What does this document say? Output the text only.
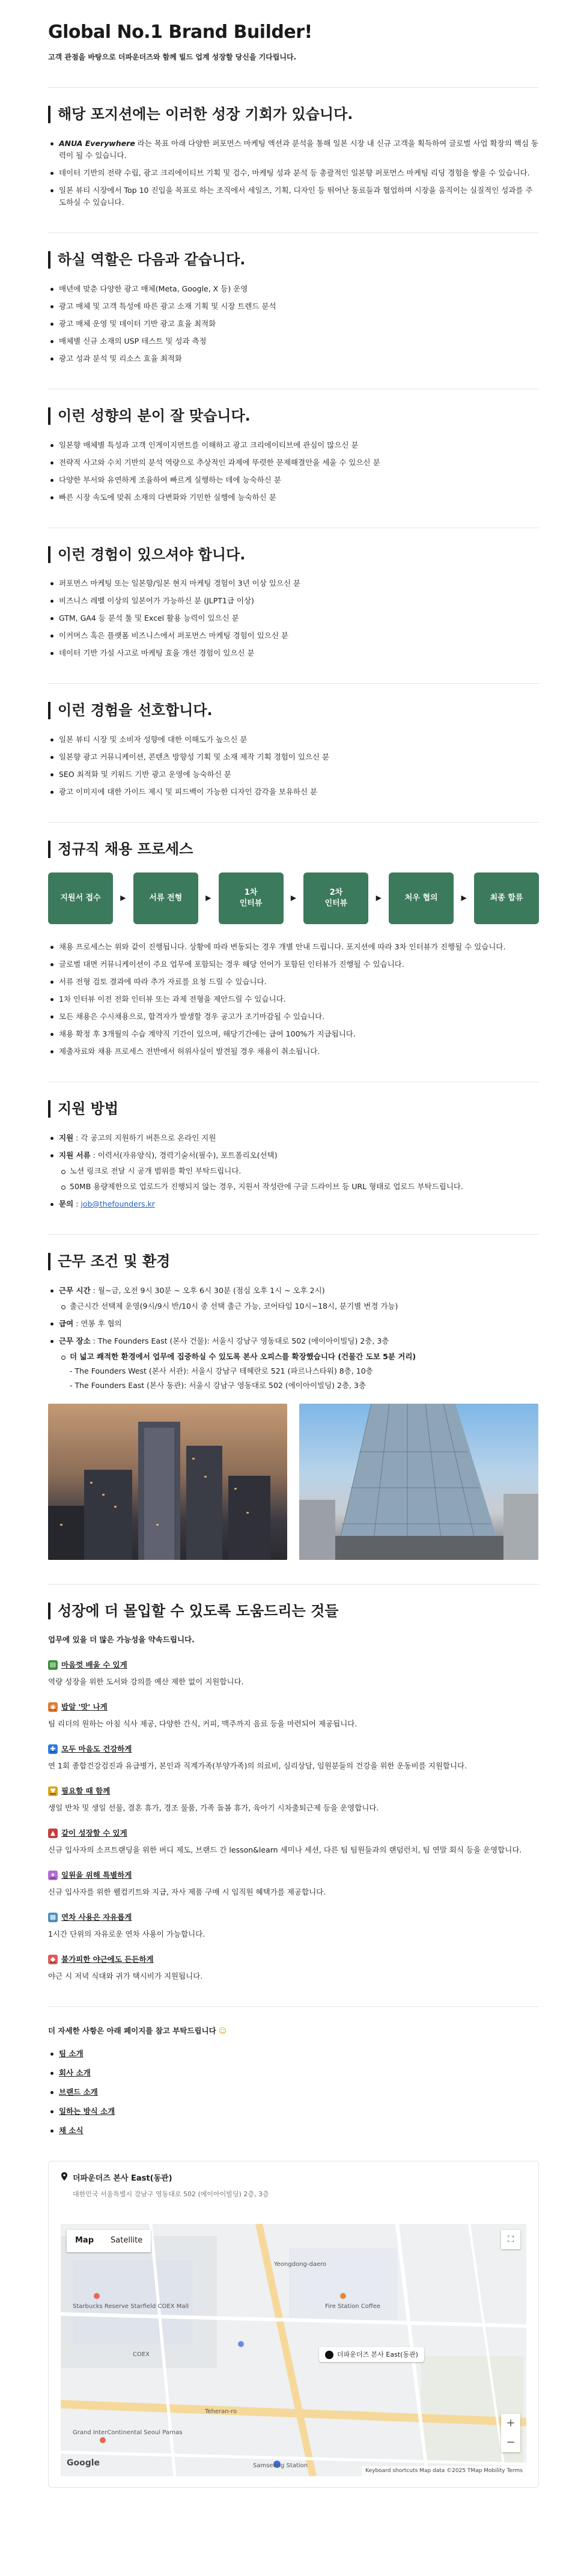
Global No.1 Brand Builder!

고객 관점을 바탕으로 더파운더즈와 함께 빌드 업계 성장할 당신을 기다립니다.

해당 포지션에는 이러한 성장 기회가 있습니다.
ANUA Everywhere 라는 목표 아래 다양한 퍼포먼스 마케팅 액션과 분석을 통해 일본 시장 내 신규 고객을 획득하여 글로벌 사업 확장의 핵심 동력이 될 수 있습니다.
데이터 기반의 전략 수립, 광고 크리에이티브 기획 및 검수, 마케팅 성과 분석 등 총괄적인 일본향 퍼포먼스 마케팅 리딩 경험을 쌓을 수 있습니다.
일본 뷰티 시장에서 Top 10 진입을 목표로 하는 조직에서 세일즈, 기획, 디자인 등 뛰어난 동료들과 협업하며 시장을 움직이는 실질적인 성과를 주도하실 수 있습니다.
하실 역할은 다음과 같습니다.
매년에 맞춘 다양한 광고 매체(Meta, Google, X 등) 운영
광고 매체 및 고객 특성에 따른 광고 소재 기획 및 시장 트렌드 분석
광고 매체 운영 및 데이터 기반 광고 효율 최적화
매체별 신규 소재의 USP 테스트 및 성과 측정
광고 성과 분석 및 리소스 효율 최적화
이런 성향의 분이 잘 맞습니다.
일본향 매체별 특성과 고객 인게이지먼트를 이해하고 광고 크리에이티브에 관심이 많으신 분
전략적 사고와 수치 기반의 분석 역량으로 추상적인 과제에 뚜렷한 문제해결안을 세울 수 있으신 분
다양한 부서와 유연하게 조율하여 빠르게 실행하는 데에 능숙하신 분
빠른 시장 속도에 맞춰 소재의 다변화와 기민한 실행에 능숙하신 분
이런 경험이 있으셔야 합니다.
퍼포먼스 마케팅 또는 일본향/일본 현지 마케팅 경험이 3년 이상 있으신 분
비즈니스 레벨 이상의 일본어가 가능하신 분 (JLPT1급 이상)
GTM, GA4 등 분석 툴 및 Excel 활용 능력이 있으신 분
이커머스 혹은 플랫폼 비즈니스에서 퍼포먼스 마케팅 경험이 있으신 분
데이터 기반 가설 사고로 마케팅 효율 개선 경험이 있으신 분
이런 경험을 선호합니다.
일본 뷰티 시장 및 소비자 성향에 대한 이해도가 높으신 분
일본향 광고 커뮤니케이션, 콘텐츠 방향성 기획 및 소재 제작 기획 경험이 있으신 분
SEO 최적화 및 키워드 기반 광고 운영에 능숙하신 분
광고 이미지에 대한 가이드 제시 및 피드백이 가능한 디자인 감각을 보유하신 분
정규직 채용 프로세스
지원서 접수	▶	서류 전형	▶
1차
인터뷰
▶
2차
인터뷰
▶	처우 협의	▶	최종 합류
채용 프로세스는 위와 같이 진행됩니다. 상황에 따라 변동되는 경우 개별 안내 드립니다. 포지션에 따라 3차 인터뷰가 진행될 수 있습니다.
글로벌 대면 커뮤니케이션이 주요 업무에 포함되는 경우 해당 언어가 포함된 인터뷰가 진행될 수 있습니다.
서류 전형 검토 결과에 따라 추가 자료를 요청 드릴 수 있습니다.
1차 인터뷰 이전 전화 인터뷰 또는 과제 전형을 제안드릴 수 있습니다.
모든 채용은 수시채용으로, 합격자가 발생할 경우 공고가 조기마감될 수 있습니다.
채용 확정 후 3개월의 수습 계약직 기간이 있으며, 해당기간에는 급여 100%가 지급됩니다.
제출자료와 채용 프로세스 전반에서 허위사실이 발견될 경우 채용이 취소됩니다.
지원 방법
지원 : 각 공고의 지원하기 버튼으로 온라인 지원
지원 서류 : 이력서(자유양식), 경력기술서(필수), 포트폴리오(선택)
노션 링크로 전달 시 공개 범위를 확인 부탁드립니다.
50MB 용량제한으로 업로드가 진행되지 않는 경우, 지원서 작성란에 구글 드라이브 등 URL 형태로 업로드 부탁드립니다.
문의 : job@thefounders.kr
근무 조건 및 환경
근무 시간 : 월~금, 오전 9시 30분 ~ 오후 6시 30분 (점심 오후 1시 ~ 오후 2시)
출근시간 선택제 운영(9시/9시 반/10시 중 선택 출근 가능, 코어타임 10시~18시, 분기별 변경 가능)
급여 : 연봉 후 협의
근무 장소 : The Founders East (본사 건물): 서울시 강남구 영동대로 502 (에이아이빌딩) 2층, 3층
더 넓고 쾌적한 환경에서 업무에 집중하실 수 있도록 본사 오피스를 확장했습니다 (건물간 도보 5분 거리)
- The Founders West (본사 서관): 서울시 강남구 테헤란로 521 (파르나스타워) 8층, 10층
- The Founders East (본사 동관): 서울시 강남구 영동대로 502 (에이아이빌딩) 2층, 3층
성장에 더 몰입할 수 있도록 도움드리는 것들

업무에 있을 더 많은 가능성을 약속드립니다.

▤ 마음껏 배울 수 있게

역량 성장을 위한 도서와 강의를 예산 제한 없이 지원합니다.

◉ 밥알 '맛' 나게

팀 리더의 원하는 아침 식사 제공, 다양한 간식, 커피, 맥주까지 음료 등을 마련되어 제공됩니다.

✚ 모두 마음도 건강하게

연 1회 종합건강검진과 유급병가, 본인과 직계가족(부양가족)의 의료비, 심리상담, 임원분들의 건강을 위한 운동비를 지원합니다.

♥ 필요할 때 함께

생일 반차 및 생일 선물, 결혼 휴가, 경조 물품, 가족 돌봄 휴가, 육아기 시차출퇴근제 등을 운영합니다.

▲ 같이 성장할 수 있게

신규 입사자의 소프트랜딩을 위한 버디 제도, 브랜드 간 lesson&learn 세미나 세션, 다른 팀 팀원들과의 랜덤런치, 팀 연말 회식 등을 운영합니다.

✦ 일원을 위해 특별하게

신규 입사자를 위한 웰컴키트와 지급, 자사 제품 구매 시 임직원 혜택가를 제공합니다.

▦ 연차 사용은 자유롭게

1시간 단위의 자유로운 연차 사용이 가능합니다.

◆ 불가피한 야근에도 든든하게

야근 시 저녁 식대와 귀가 택시비가 지원됩니다.

더 자세한 사항은 아래 페이지를 참고 부탁드립니다 ☺

팀 소개
회사 소개
브랜드 소개
일하는 방식 소개
채 소식
더파운더즈 본사 East(동관)
대한민국 서울특별시 강남구 영동대로 502 (에이아이빌딩) 2층, 3층
Map	Satellite	⛶
Starbucks Reserve Starfield COEX Mall
COEX
Fire Station Coffee
Samseong Station
Grand InterContinental Seoul Parnas
Teheran-ro
Yeongdong-daero
더파운더즈 본사 East(동관)
+
−
Google
Keyboard shortcuts Map data ©2025 TMap Mobility Terms
